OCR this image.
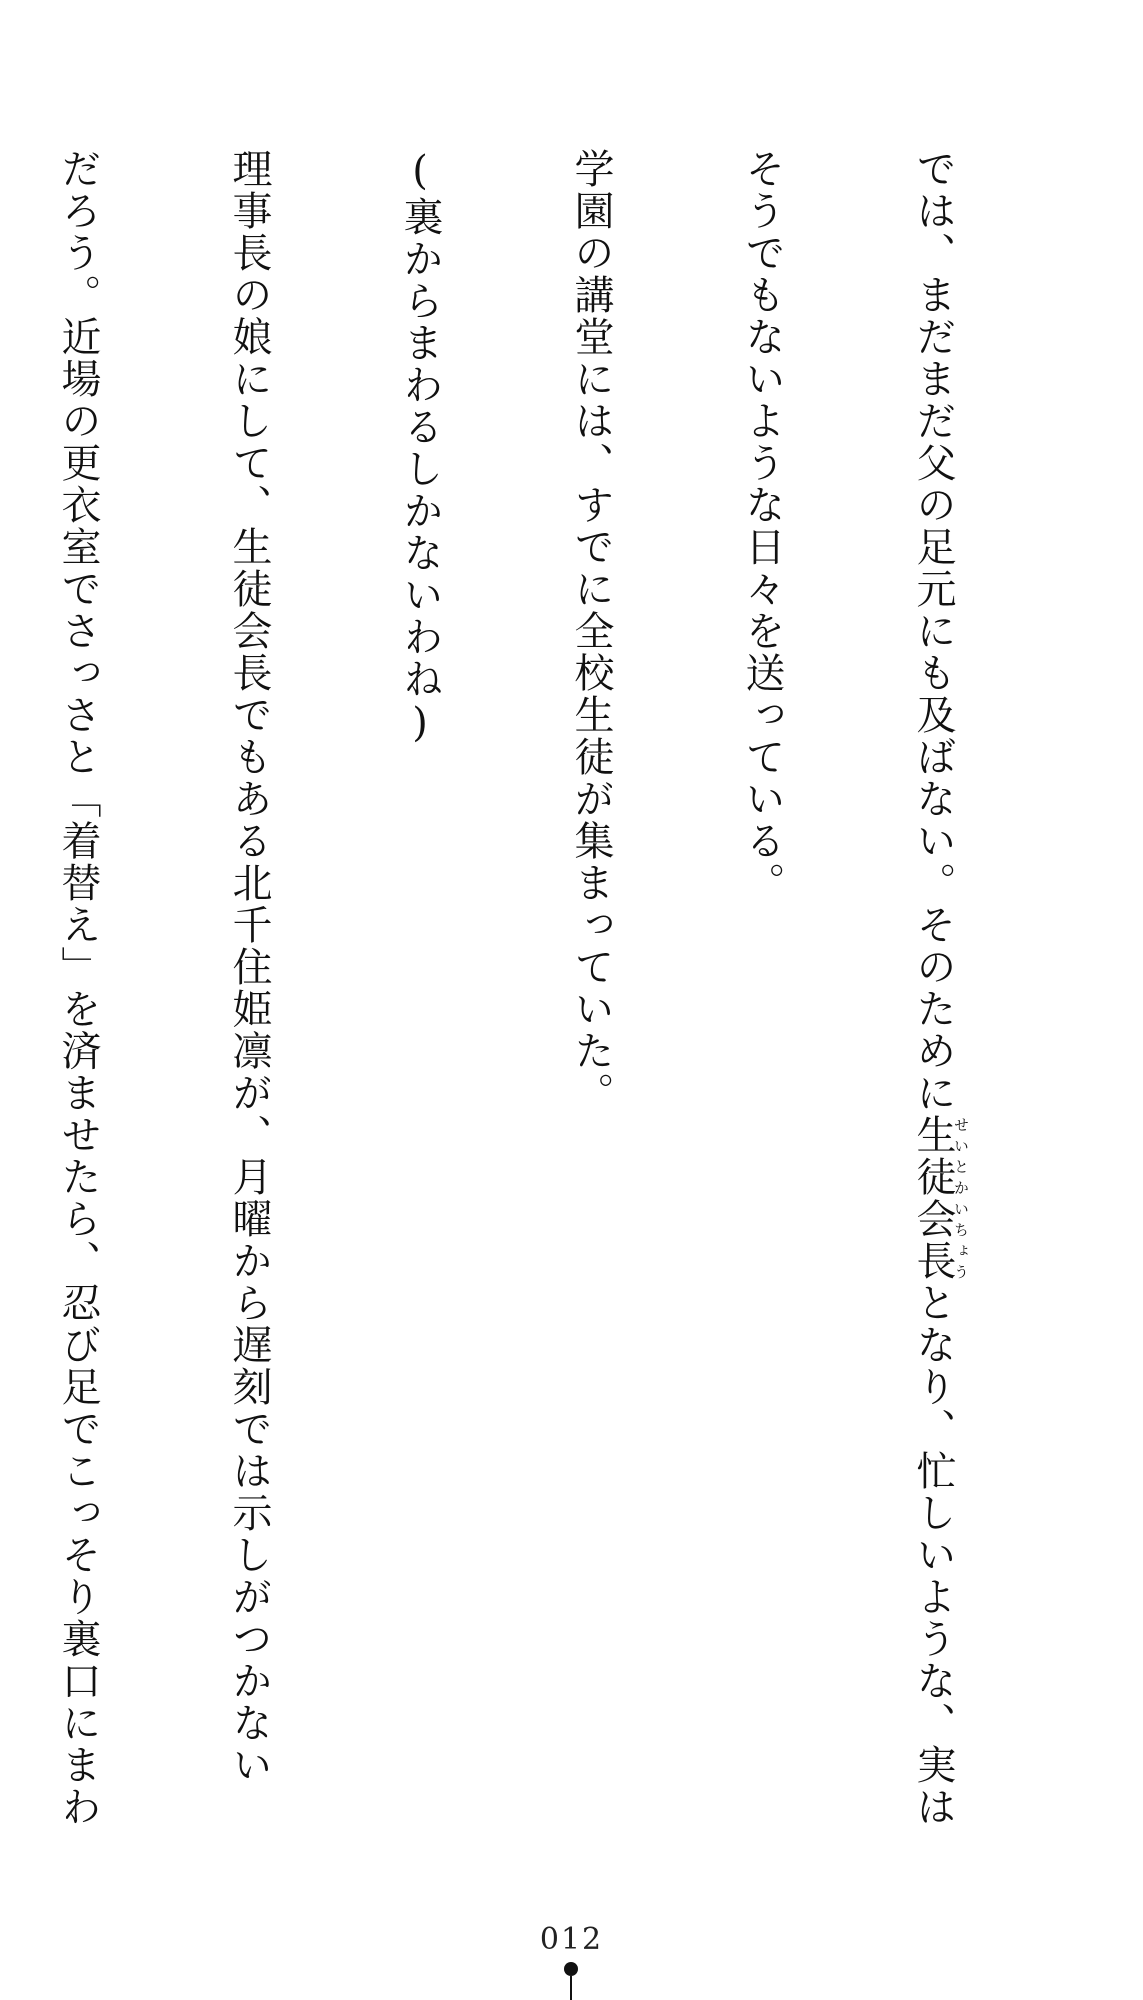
では、まだまだ父の足元にも及ばない。そのために生徒会長せいとかいちょうとなり、忙しいような、実は

そうでもないような日々を送っている。

学園の講堂には、すでに全校生徒が集まっていた。

(裏からまわるしかないわね)

理事長の娘にして、生徒会長でもある北千住姫凛が、月曜から遅刻では示しがつかない

だろう。近場の更衣室でさっさと「着替え」を済ませたら、忍び足でこっそり裏口にまわ

012
